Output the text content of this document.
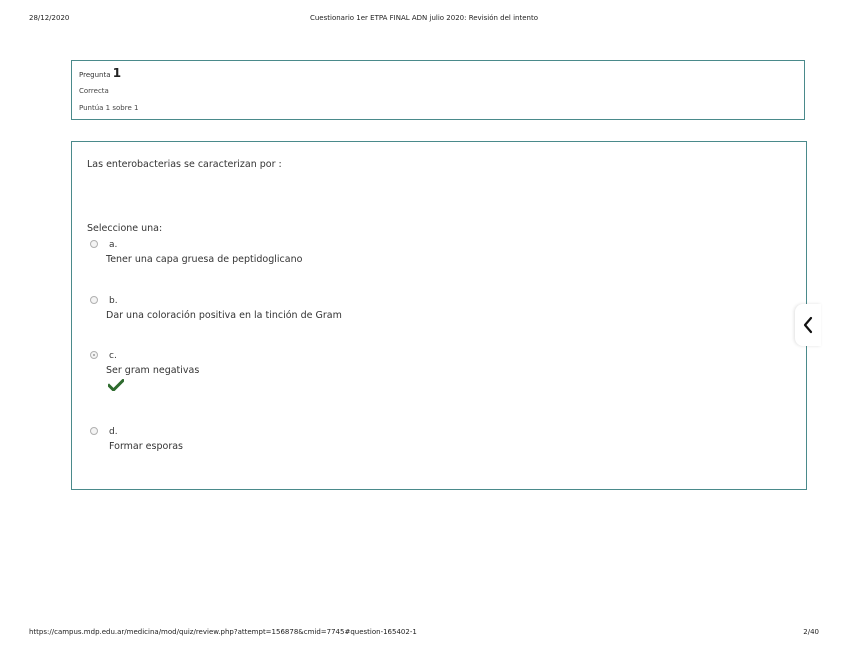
28/12/2020	Cuestionario 1er ETPA FINAL ADN julio 2020: Revisión del intento
Pregunta 1
Correcta
Puntúa 1 sobre 1
Las enterobacterias se caracterizan por :
Seleccione una:
a.
Tener una capa gruesa de peptidoglicano
b.
Dar una coloración positiva en la tinción de Gram
c.
Ser gram negativas
d.
Formar esporas
https://campus.mdp.edu.ar/medicina/mod/quiz/review.php?attempt=156878&cmid=7745#question-165402-1	2/40
